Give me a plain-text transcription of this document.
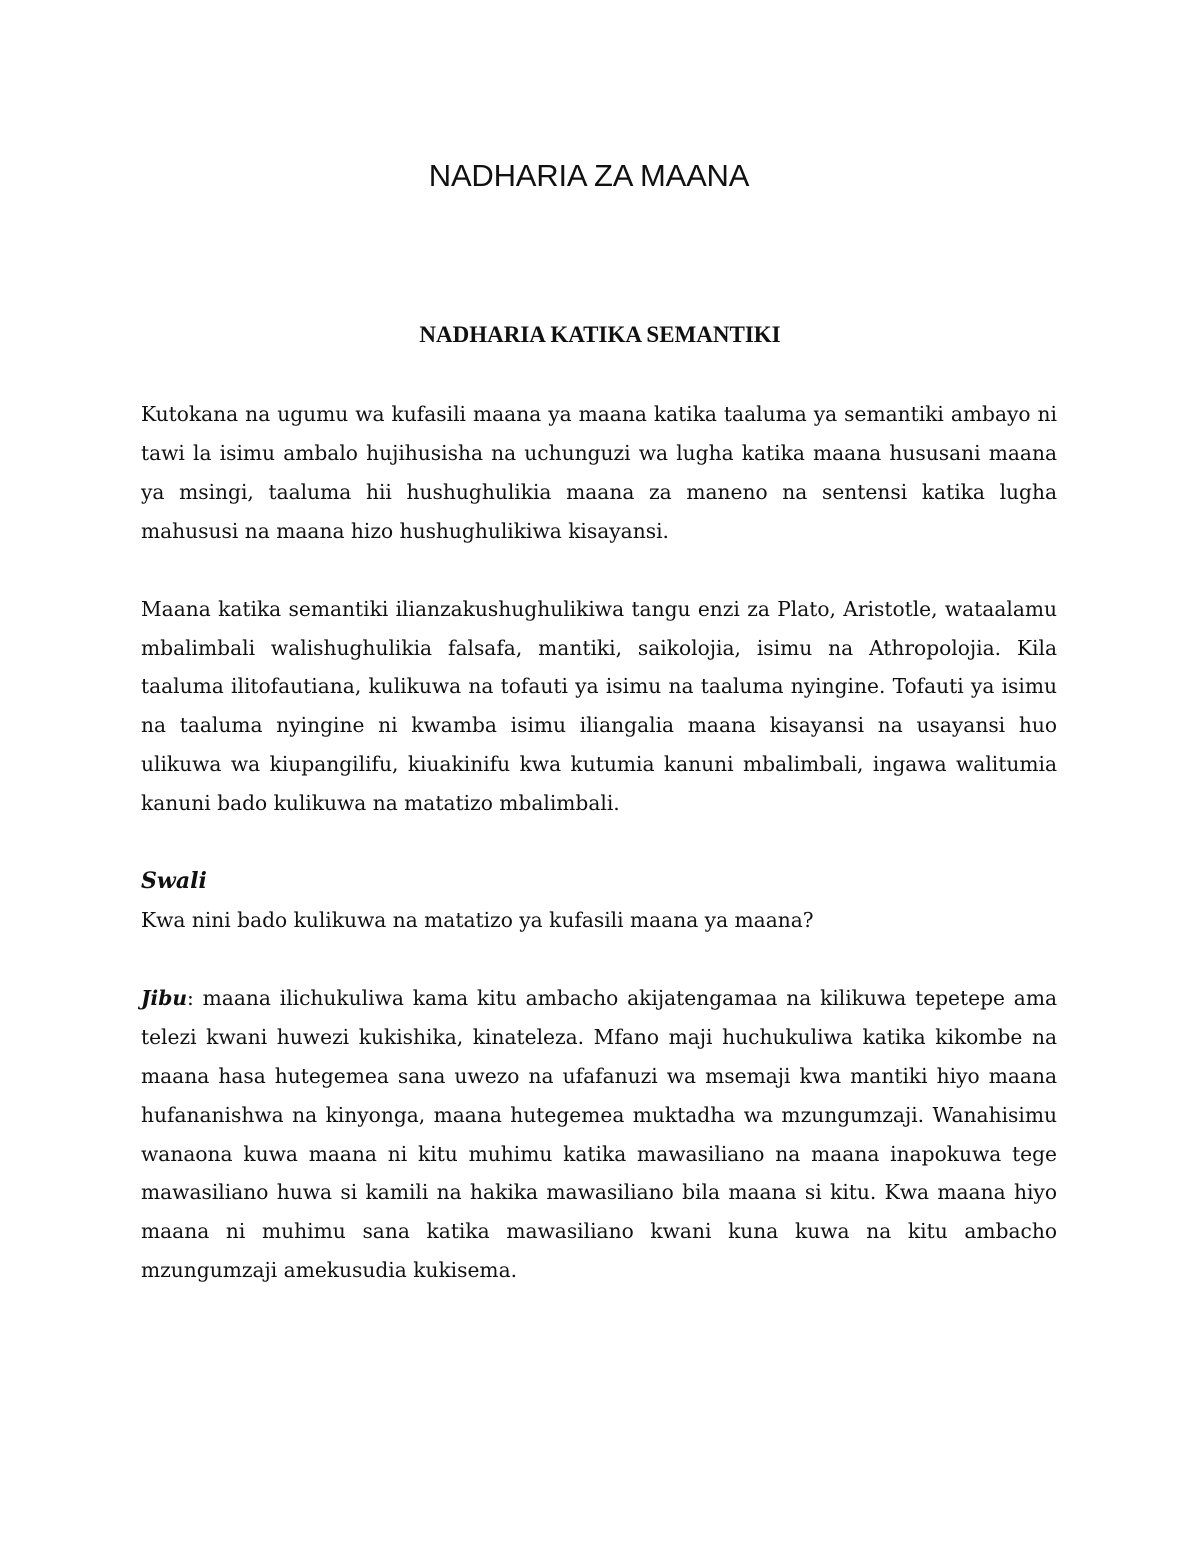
NADHARIA ZA MAANA
NADHARIA KATIKA SEMANTIKI

Kutokana na ugumu wa kufasili maana ya maana katika taaluma ya semantiki ambayo ni tawi la isimu ambalo hujihusisha na uchunguzi wa lugha katika maana hususani maana ya msingi, taaluma hii hushughulikia maana za maneno na sentensi katika lugha mahususi na maana hizo hushughulikiwa kisayansi.

Maana katika semantiki ilianzakushughulikiwa tangu enzi za Plato, Aristotle, wataalamu mbalimbali walishughulikia falsafa, mantiki, saikolojia, isimu na Athropolojia. Kila taaluma ilitofautiana, kulikuwa na tofauti ya isimu na taaluma nyingine. Tofauti ya isimu na taaluma nyingine ni kwamba isimu iliangalia maana kisayansi na usayansi huo ulikuwa wa kiupangilifu, kiuakinifu kwa kutumia kanuni mbalimbali, ingawa walitumia kanuni bado kulikuwa na matatizo mbalimbali.

Swali
Kwa nini bado kulikuwa na matatizo ya kufasili maana ya maana?

Jibu: maana ilichukuliwa kama kitu ambacho akijatengamaa na kilikuwa tepetepe ama telezi kwani huwezi kukishika, kinateleza. Mfano maji huchukuliwa katika kikombe na maana hasa hutegemea sana uwezo na ufafanuzi wa msemaji kwa mantiki hiyo maana hufananishwa na kinyonga, maana hutegemea muktadha wa mzungumzaji. Wanahisimu wanaona kuwa maana ni kitu muhimu katika mawasiliano na maana inapokuwa tege mawasiliano huwa si kamili na hakika mawasiliano bila maana si kitu. Kwa maana hiyo maana ni muhimu sana katika mawasiliano kwani kuna kuwa na kitu ambacho mzungumzaji amekusudia kukisema.
